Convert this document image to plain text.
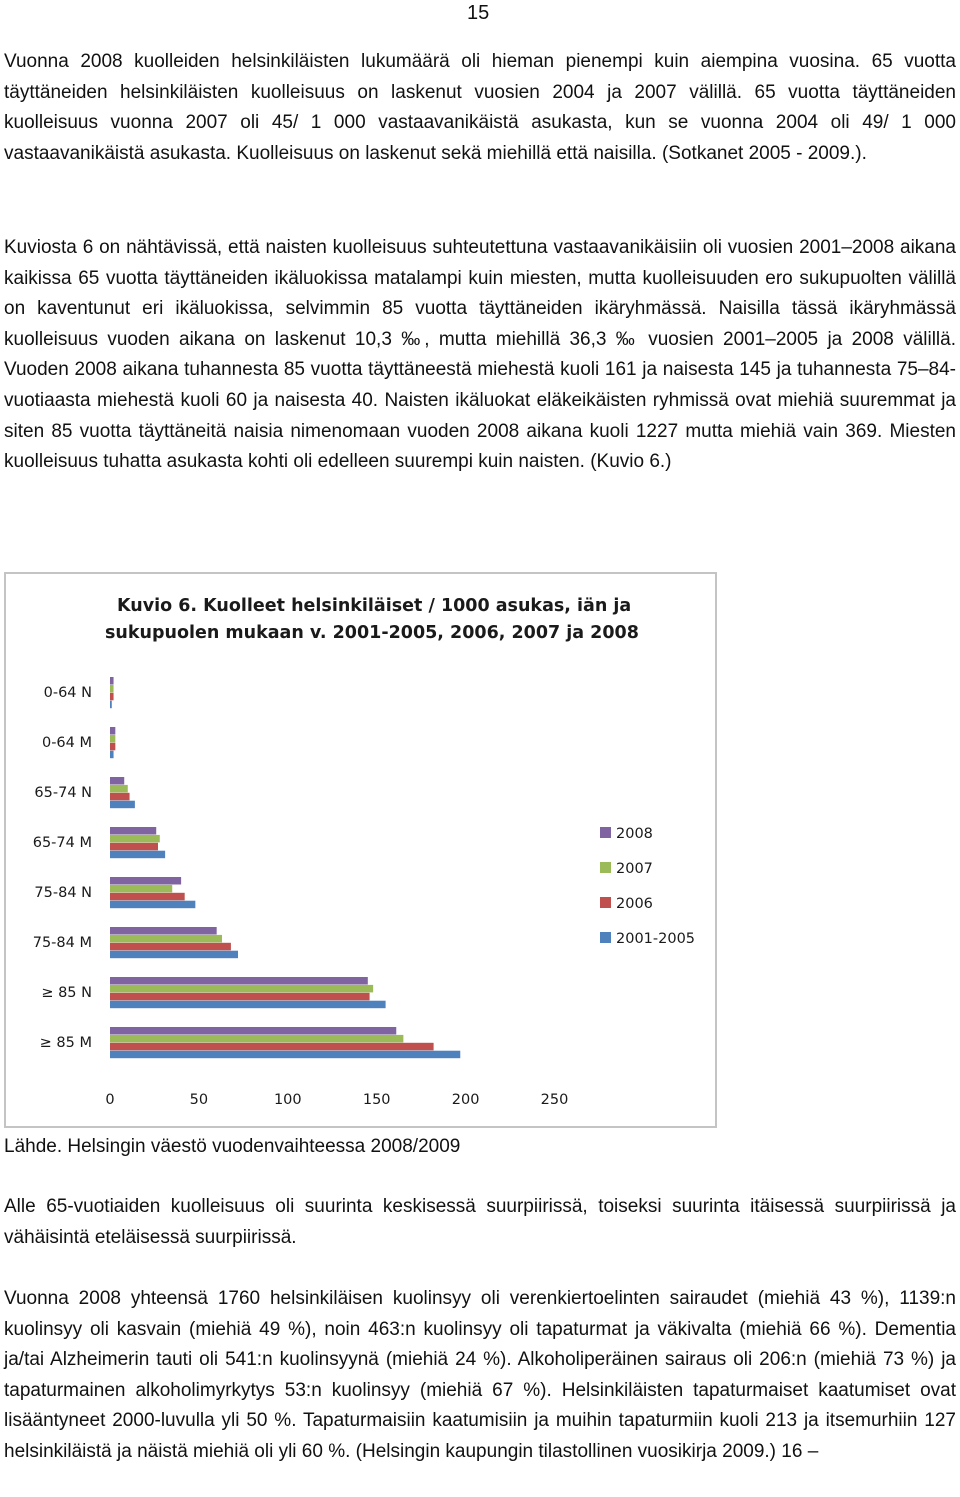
15

Vuonna 2008 kuolleiden helsinkiläisten lukumäärä oli hieman pienempi kuin aiempina vuosina. 65 vuotta täyttäneiden helsinkiläisten kuolleisuus on laskenut vuosien 2004 ja 2007 välillä. 65 vuotta täyttäneiden kuolleisuus vuonna 2007 oli 45/ 1 000 vastaavanikäistä asukasta, kun se vuonna 2004 oli 49/ 1 000 vastaavanikäistä asukasta. Kuolleisuus on laskenut sekä miehillä että naisilla. (Sotkanet 2005 - 2009.).

Kuviosta 6 on nähtävissä, että naisten kuolleisuus suhteutettuna vastaavanikäisiin oli vuosien 2001–2008 aikana kaikissa 65 vuotta täyttäneiden ikäluokissa matalampi kuin miesten, mutta kuolleisuuden ero sukupuolten välillä on kaventunut eri ikäluokissa, selvimmin 85 vuotta täyttäneiden ikäryhmässä. Naisilla tässä ikäryhmässä kuolleisuus vuoden aikana on laskenut 10,3 ‰, mutta miehillä 36,3 ‰ vuosien 2001–2005 ja 2008 välillä. Vuoden 2008 aikana tuhannesta 85 vuotta täyttäneestä miehestä kuoli 161 ja naisesta 145 ja tuhannesta 75–84-vuotiaasta miehestä kuoli 60 ja naisesta 40. Naisten ikäluokat eläkeikäisten ryhmissä ovat miehiä suuremmat ja siten 85 vuotta täyttäneitä naisia nimenomaan vuoden 2008 aikana kuoli 1227 mutta miehiä vain 369. Miesten kuolleisuus tuhatta asukasta kohti oli edelleen suurempi kuin naisten. (Kuvio 6.)

Kuvio 6. Kuolleet helsinkiläiset / 1000 asukas, iän ja
sukupuolen mukaan v. 2001-2005, 2006, 2007 ja 2008
0-64 N
0-64 M
65-74 N
65-74 M
75-84 N
75-84 M
≥ 85 N
≥ 85 M
0	50	100	150	200	250
2008
2007
2006
2001-2005

Lähde. Helsingin väestö vuodenvaihteessa 2008/2009

Alle 65-vuotiaiden kuolleisuus oli suurinta keskisessä suurpiirissä, toiseksi suurinta itäisessä suurpiirissä ja vähäisintä eteläisessä suurpiirissä.

Vuonna 2008 yhteensä 1760 helsinkiläisen kuolinsyy oli verenkiertoelinten sairaudet (miehiä 43 %), 1139:n kuolinsyy oli kasvain (miehiä 49 %), noin 463:n kuolinsyy oli tapaturmat ja väkivalta (miehiä 66 %). Dementia ja/tai Alzheimerin tauti oli 541:n kuolinsyynä (miehiä 24 %). Alkoholiperäinen sairaus oli 206:n (miehiä 73 %) ja tapaturmainen alkoholimyrkytys 53:n kuolinsyy (miehiä 67 %). Helsinkiläisten tapaturmaiset kaatumiset ovat lisääntyneet 2000-luvulla yli 50 %. Tapaturmaisiin kaatumisiin ja muihin tapaturmiin kuoli 213 ja itsemurhiin 127 helsinkiläistä ja näistä miehiä oli yli 60 %. (Helsingin kaupungin tilastollinen vuosikirja 2009.) 16 –
